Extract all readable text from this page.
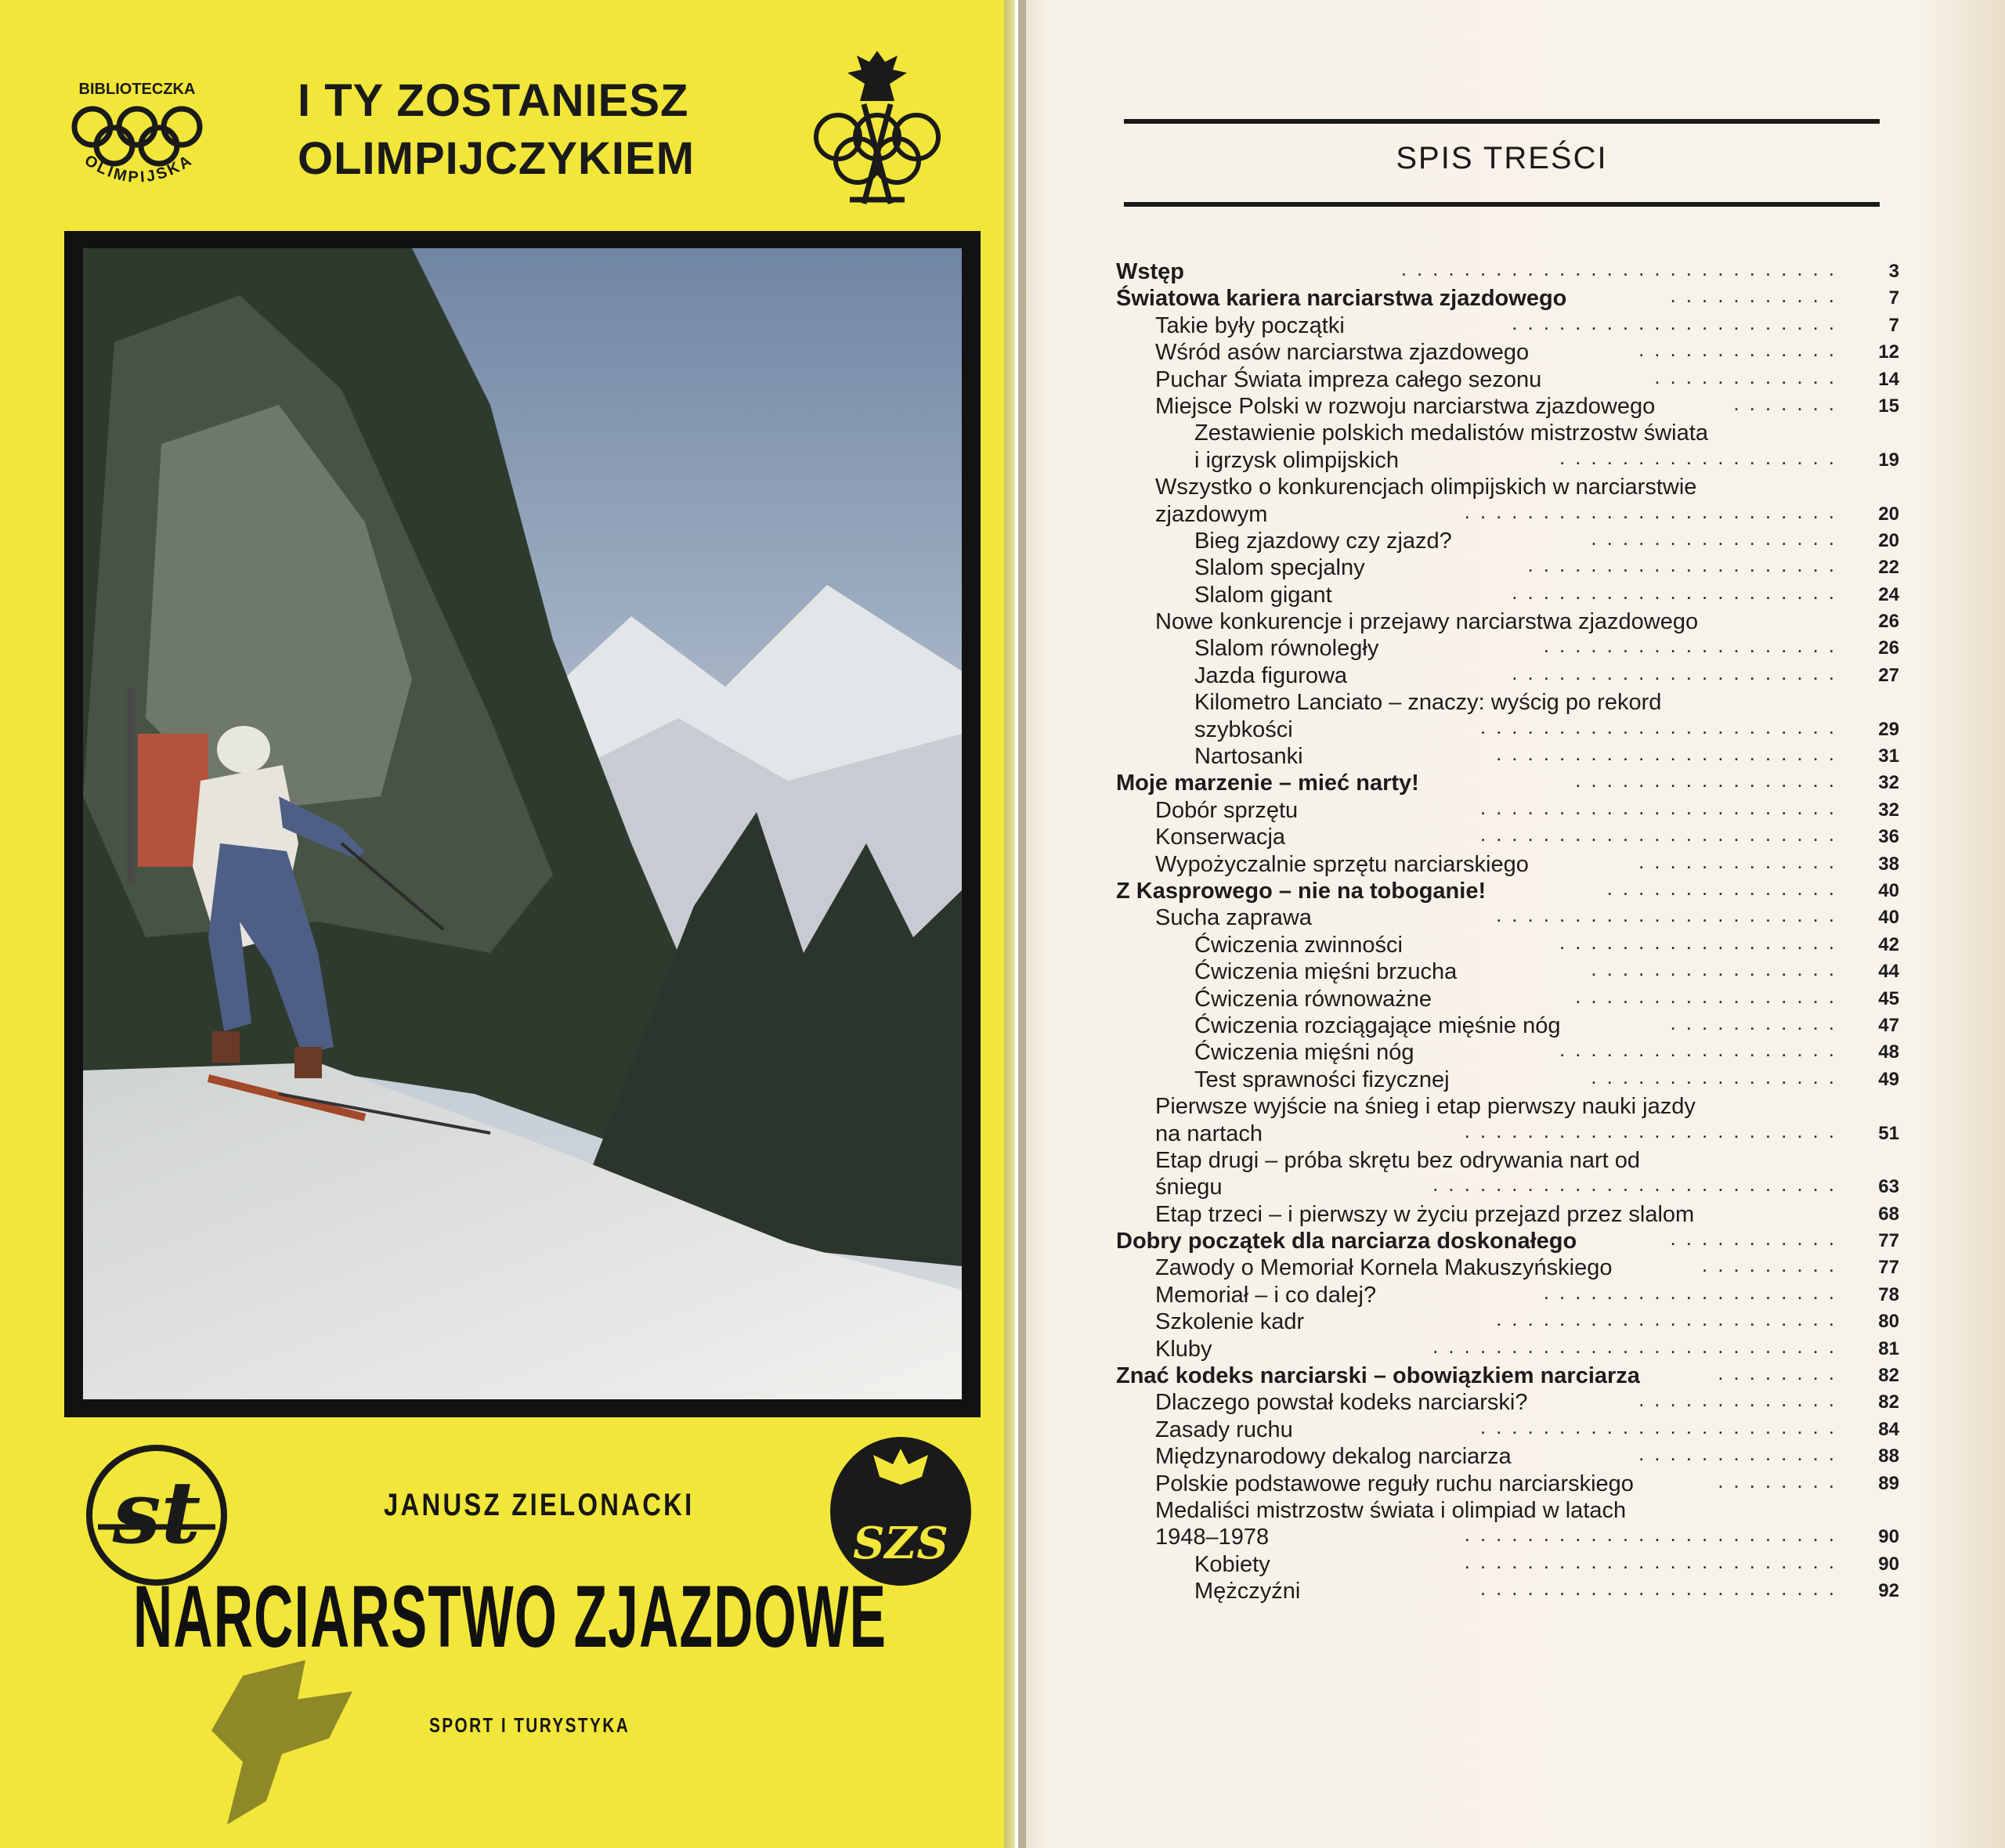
BIBLIOTECZKA
OLIMPIJSKA
I TY ZOSTANIESZ
OLIMPIJCZYKIEM
st	JANUSZ ZIELONACKI
SZS
NARCIARSTWO ZJAZDOWE
SPORT I TURYSTYKA
SPIS TREŚCI
Wstęp	............................	3
Światowa kariera narciarstwa zjazdowego	...........	7
Takie były początki	.....................	7
Wśród asów narciarstwa zjazdowego	.............	12
Puchar Świata impreza całego sezonu	............	14
Miejsce Polski w rozwoju narciarstwa zjazdowego	.......	15
Zestawienie polskich medalistów mistrzostw świata
i igrzysk olimpijskich	..................	19
Wszystko o konkurencjach olimpijskich w narciarstwie
zjazdowym	........................	20
Bieg zjazdowy czy zjazd?	................	20
Slalom specjalny	....................	22
Slalom gigant	.....................	24
Nowe konkurencje i przejawy narciarstwa zjazdowego	26
Slalom równoległy	...................	26
Jazda figurowa	.....................	27
Kilometro Lanciato – znaczy: wyścig po rekord
szybkości	.......................	29
Nartosanki	......................	31
Moje marzenie – mieć narty!	.................	32
Dobór sprzętu	.......................	32
Konserwacja	.......................	36
Wypożyczalnie sprzętu narciarskiego	.............	38
Z Kasprowego – nie na toboganie!	...............	40
Sucha zaprawa	......................	40
Ćwiczenia zwinności	..................	42
Ćwiczenia mięśni brzucha	................	44
Ćwiczenia równoważne	.................	45
Ćwiczenia rozciągające mięśnie nóg	...........	47
Ćwiczenia mięśni nóg	..................	48
Test sprawności fizycznej	................	49
Pierwsze wyjście na śnieg i etap pierwszy nauki jazdy
na nartach	........................	51
Etap drugi – próba skrętu bez odrywania nart od
śniegu	..........................	63
Etap trzeci – i pierwszy w życiu przejazd przez slalom	68
Dobry początek dla narciarza doskonałego	...........	77
Zawody o Memoriał Kornela Makuszyńskiego	.........	77
Memoriał – i co dalej?	...................	78
Szkolenie kadr	......................	80
Kluby	..........................	81
Znać kodeks narciarski – obowiązkiem narciarza	........	82
Dlaczego powstał kodeks narciarski?	.............	82
Zasady ruchu	.......................	84
Międzynarodowy dekalog narciarza	.............	88
Polskie podstawowe reguły ruchu narciarskiego	........	89
Medaliści mistrzostw świata i olimpiad w latach
1948–1978	........................	90
Kobiety	........................	90
Mężczyźni	.......................	92
